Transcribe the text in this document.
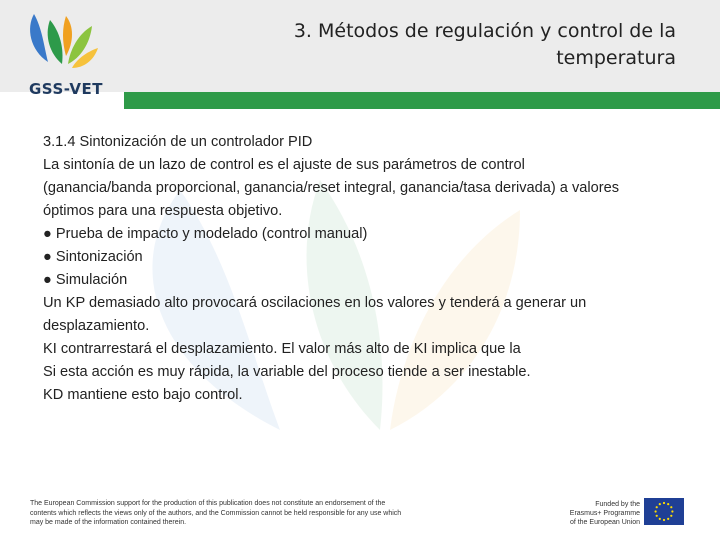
GSS-VET
3. Métodos de regulación y control de la
temperatura
3.1.4 Sintonización de un controlador PID
La sintonía de un lazo de control es el ajuste de sus parámetros de control
(ganancia/banda proporcional, ganancia/reset integral, ganancia/tasa derivada) a valores
óptimos para una respuesta objetivo.
● Prueba de impacto y modelado (control manual)
● Sintonización
● Simulación
Un KP demasiado alto provocará oscilaciones en los valores y tenderá a generar un
desplazamiento.
KI contrarrestará el desplazamiento. El valor más alto de KI implica que la
Si esta acción es muy rápida, la variable del proceso tiende a ser inestable.
KD mantiene esto bajo control.
The European Commission support for the production of this publication does not constitute an endorsement of the
contents which reflects the views only of the authors, and the Commission cannot be held responsible for any use which
may be made of the information contained therein.
Funded by the
Erasmus+ Programme
of the European Union
